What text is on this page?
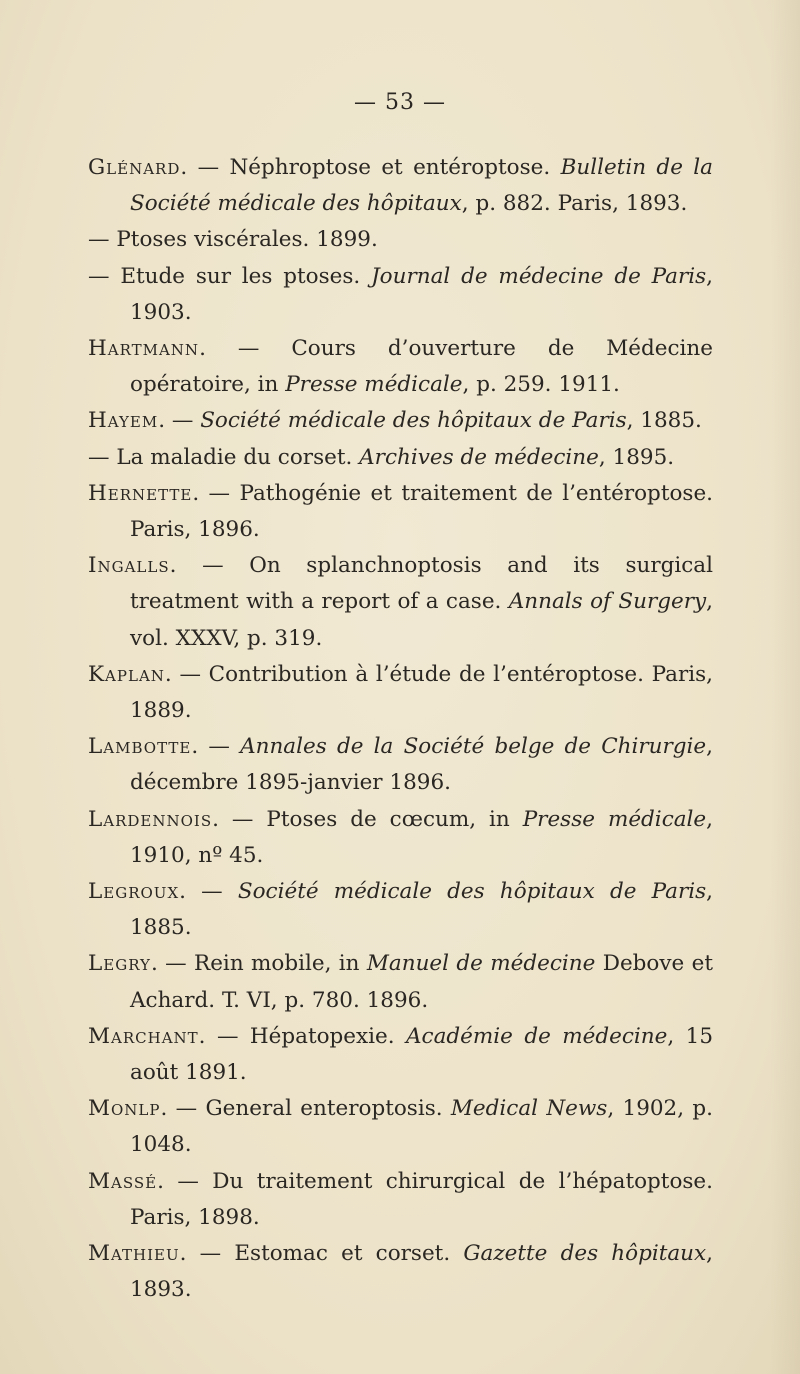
— 53 —

Glénard. — Néphroptose et entéroptose. Bulletin de la Société médicale des hôpitaux, p. 882. Paris, 1893.

— Ptoses viscérales. 1899.

— Etude sur les ptoses. Journal de médecine de Paris, 1903.

Hartmann. — Cours d’ouverture de Médecine opératoire, in Presse médicale, p. 259. 1911.

Hayem. — Société médicale des hôpitaux de Paris, 1885.

— La maladie du corset. Archives de médecine, 1895.

Hernette. — Pathogénie et traitement de l’entéroptose. Paris, 1896.

Ingalls. — On splanchnoptosis and its surgical treatment with a report of a case. Annals of Surgery, vol. XXXV, p. 319.

Kaplan. — Contribution à l’étude de l’entéroptose. Paris, 1889.

Lambotte. — Annales de la Société belge de Chirurgie, décembre 1895-janvier 1896.

Lardennois. — Ptoses de cœcum, in Presse médicale, 1910, nº 45.

Legroux. — Société médicale des hôpitaux de Paris, 1885.

Legry. — Rein mobile, in Manuel de médecine Debove et Achard. T. VI, p. 780. 1896.

Marchant. — Hépatopexie. Académie de médecine, 15 août 1891.

Monlp. — General enteroptosis. Medical News, 1902, p. 1048.

Massé. — Du traitement chirurgical de l’hépatoptose. Paris, 1898.

Mathieu. — Estomac et corset. Gazette des hôpitaux, 1893.
